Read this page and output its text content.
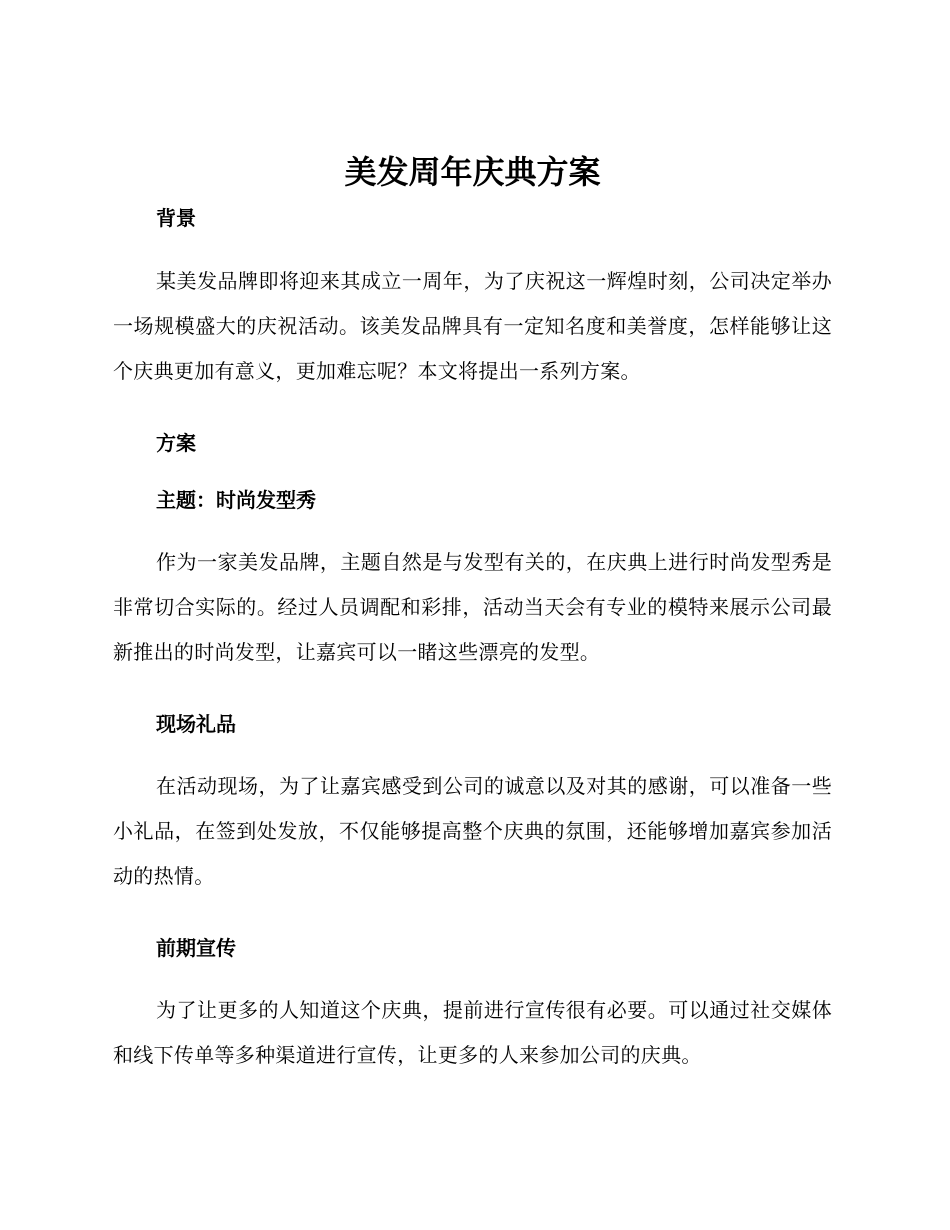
美发周年庆典方案
背景

某美发品牌即将迎来其成立一周年，为了庆祝这一辉煌时刻，公司决定举办一场规模盛大的庆祝活动。该美发品牌具有一定知名度和美誉度，怎样能够让这个庆典更加有意义，更加难忘呢？本文将提出一系列方案。

方案
主题：时尚发型秀

作为一家美发品牌，主题自然是与发型有关的，在庆典上进行时尚发型秀是非常切合实际的。经过人员调配和彩排，活动当天会有专业的模特来展示公司最新推出的时尚发型，让嘉宾可以一睹这些漂亮的发型。

现场礼品

在活动现场，为了让嘉宾感受到公司的诚意以及对其的感谢，可以准备一些小礼品，在签到处发放，不仅能够提高整个庆典的氛围，还能够增加嘉宾参加活动的热情。

前期宣传

为了让更多的人知道这个庆典，提前进行宣传很有必要。可以通过社交媒体和线下传单等多种渠道进行宣传，让更多的人来参加公司的庆典。
